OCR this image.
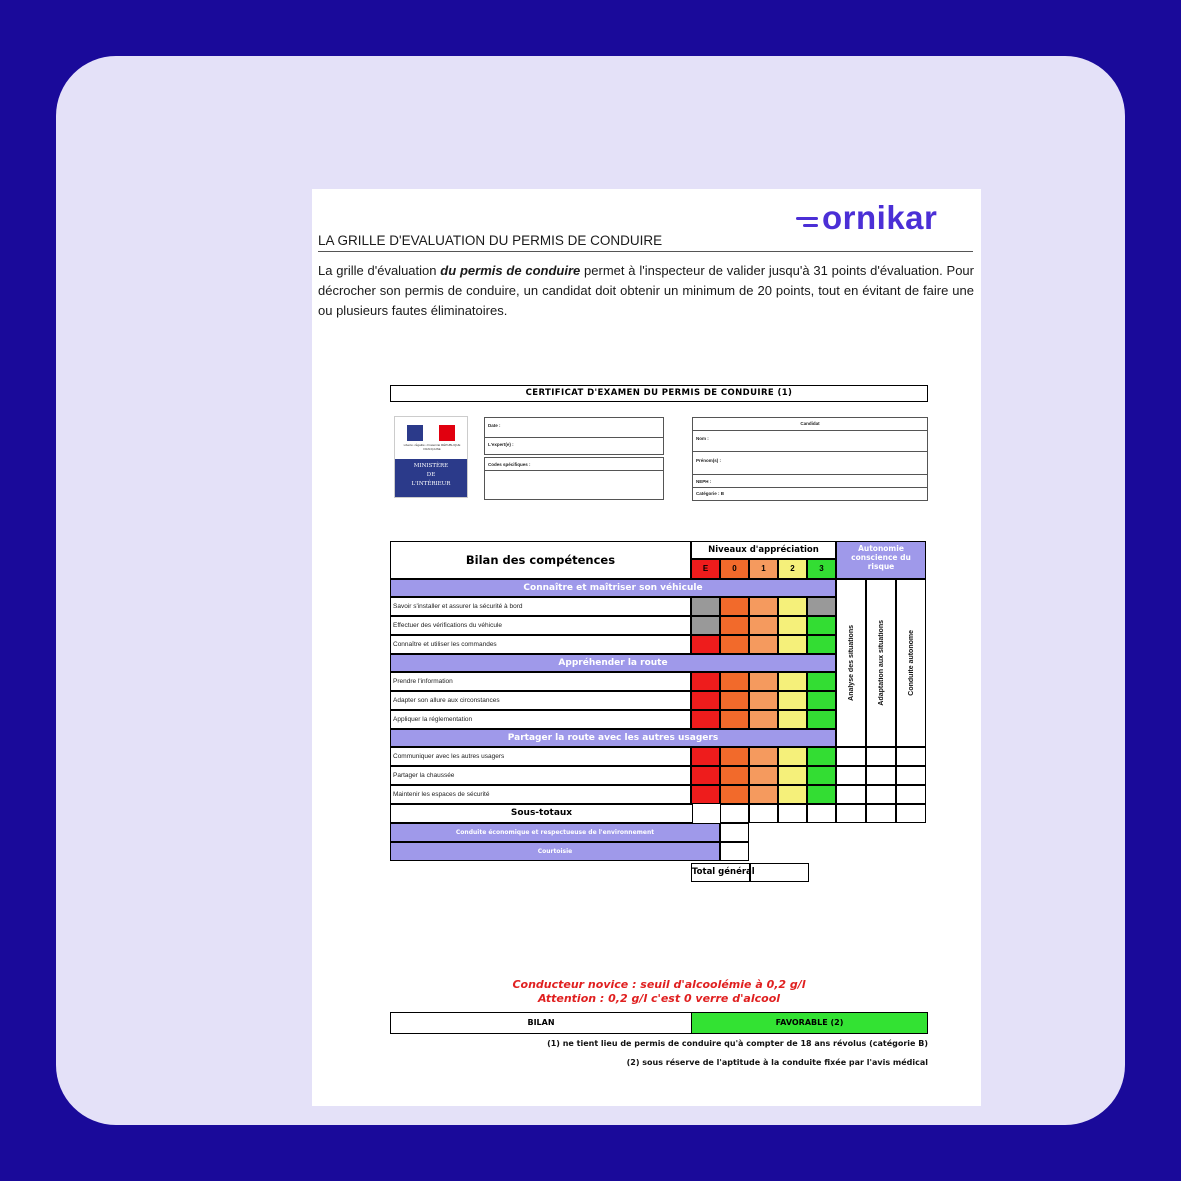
ornikar
LA GRILLE D'EVALUATION DU PERMIS DE CONDUIRE
La grille d'évaluation du permis de conduire permet à l'inspecteur de valider jusqu'à 31 points d'évaluation. Pour décrocher son permis de conduire, un candidat doit obtenir un minimum de 20 points, tout en évitant de faire une ou plusieurs fautes éliminatoires.
CERTIFICAT D'EXAMEN DU PERMIS DE CONDUIRE (1)
Liberté • Égalité • Fraternité RÉPUBLIQUE FRANÇAISE
MINISTÈRE
DE
L'INTÉRIEUR
Date :
L'expert(e) :
Codes spécifiques :
Candidat
Nom :
Prénom(s) :
NEPH :
Catégorie : B
Bilan des compétences
Niveaux d'appréciation
E	0	1	2	3
Autonomie conscience du risque
Connaître et maîtriser son véhicule
Savoir s'installer et assurer la sécurité à bord
Effectuer des vérifications du véhicule
Connaître et utiliser les commandes
Appréhender la route
Prendre l'information
Adapter son allure aux circonstances
Appliquer la réglementation
Partager la route avec les autres usagers
Communiquer avec les autres usagers
Partager la chaussée
Maintenir les espaces de sécurité
Analyse des situations	Adaptation aux situations	Conduite autonome
Sous-totaux
Conduite économique et respectueuse de l'environnement
Courtoisie
Total général
Conducteur novice : seuil d'alcoolémie à 0,2 g/l
Attention : 0,2 g/l c'est 0 verre d'alcool
BILAN	FAVORABLE (2)
(1) ne tient lieu de permis de conduire qu'à compter de 18 ans révolus (catégorie B)
(2) sous réserve de l'aptitude à la conduite fixée par l'avis médical
